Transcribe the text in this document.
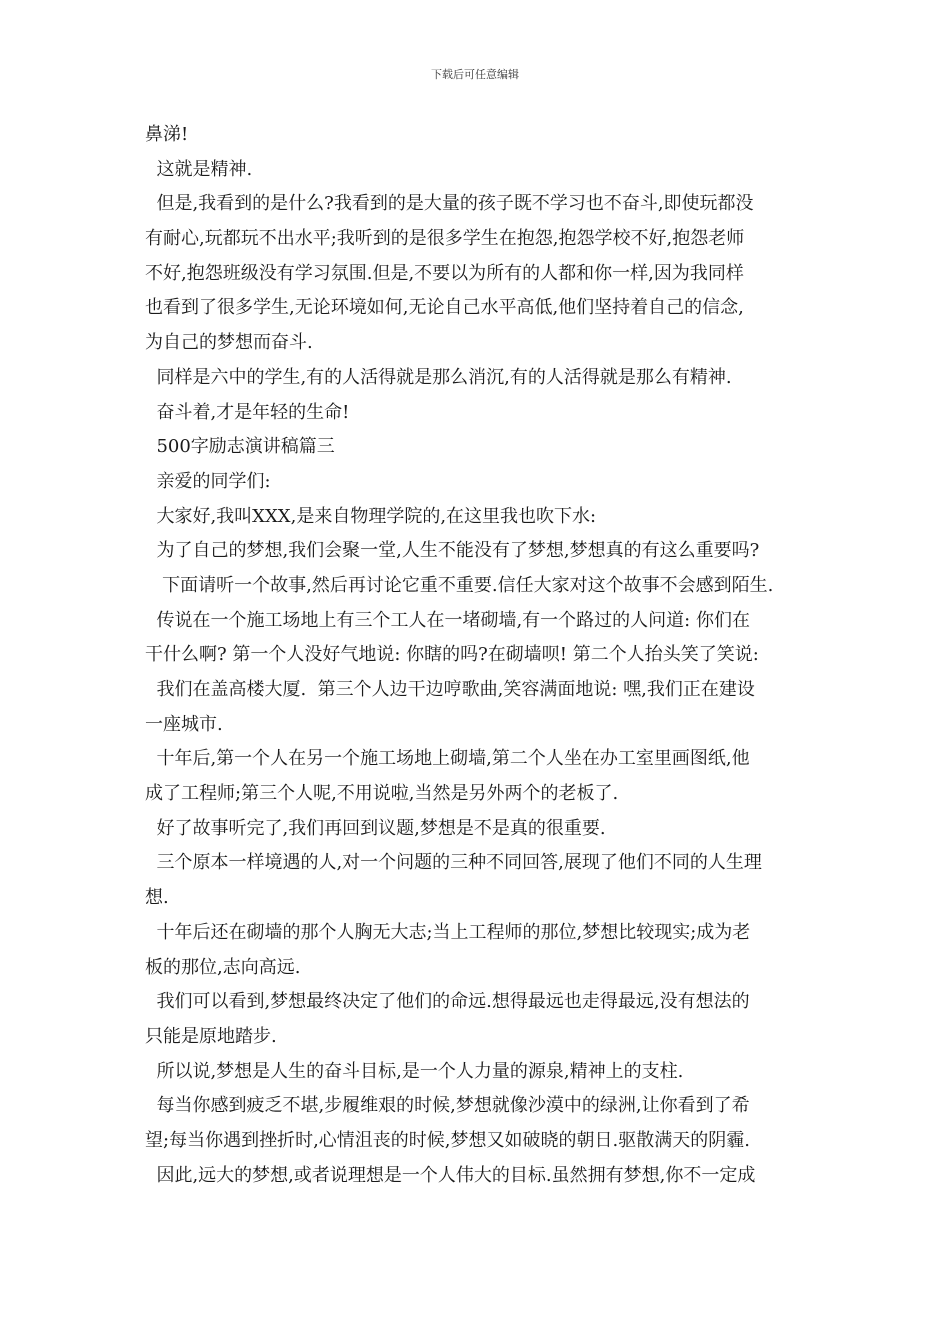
下载后可任意编辑
鼻涕!
这就是精神.
但是,我看到的是什么?我看到的是大量的孩子既不学习也不奋斗,即使玩都没
有耐心,玩都玩不出水平;我听到的是很多学生在抱怨,抱怨学校不好,抱怨老师
不好,抱怨班级没有学习氛围.但是,不要以为所有的人都和你一样,因为我同样
也看到了很多学生,无论环境如何,无论自己水平高低,他们坚持着自己的信念,
为自己的梦想而奋斗.
同样是六中的学生,有的人活得就是那么消沉,有的人活得就是那么有精神.
奋斗着,才是年轻的生命!
500字励志演讲稿篇三
亲爱的同学们:
大家好,我叫XXX,是来自物理学院的,在这里我也吹下水:
为了自己的梦想,我们会聚一堂,人生不能没有了梦想,梦想真的有这么重要吗?
下面请听一个故事,然后再讨论它重不重要.信任大家对这个故事不会感到陌生.
传说在一个施工场地上有三个工人在一堵砌墙,有一个路过的人问道: 你们在
干什么啊? 第一个人没好气地说: 你瞎的吗?在砌墙呗! 第二个人抬头笑了笑说:
我们在盖高楼大厦.  第三个人边干边哼歌曲,笑容满面地说: 嘿,我们正在建设
一座城市.
十年后,第一个人在另一个施工场地上砌墙,第二个人坐在办工室里画图纸,他
成了工程师;第三个人呢,不用说啦,当然是另外两个的老板了.
好了故事听完了,我们再回到议题,梦想是不是真的很重要.
三个原本一样境遇的人,对一个问题的三种不同回答,展现了他们不同的人生理
想.
十年后还在砌墙的那个人胸无大志;当上工程师的那位,梦想比较现实;成为老
板的那位,志向高远.
我们可以看到,梦想最终决定了他们的命远.想得最远也走得最远,没有想法的
只能是原地踏步.
所以说,梦想是人生的奋斗目标,是一个人力量的源泉,精神上的支柱.
每当你感到疲乏不堪,步履维艰的时候,梦想就像沙漠中的绿洲,让你看到了希
望;每当你遇到挫折时,心情沮丧的时候,梦想又如破晓的朝日.驱散满天的阴霾.
因此,远大的梦想,或者说理想是一个人伟大的目标.虽然拥有梦想,你不一定成
